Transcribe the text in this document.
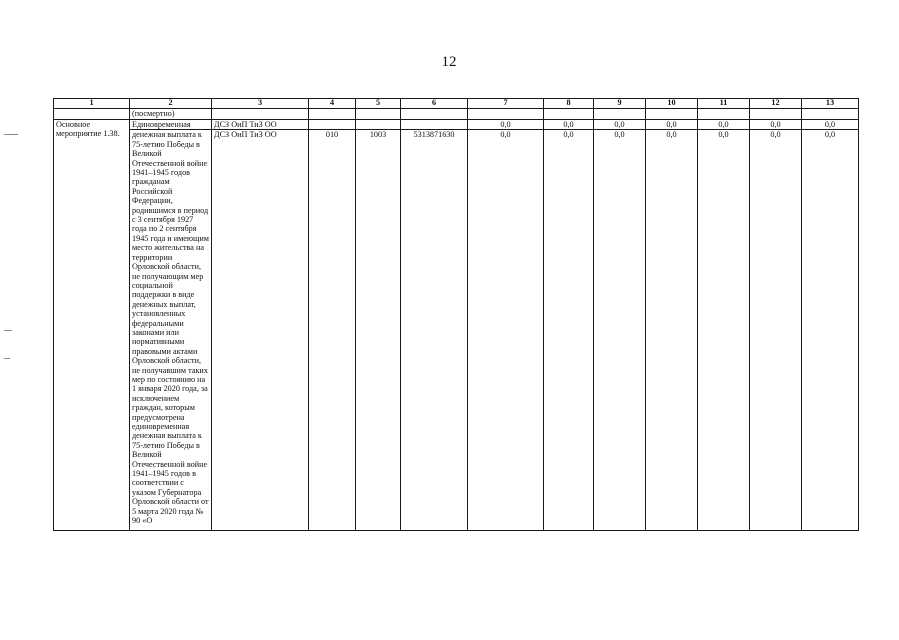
12
1	2	3	4	5	6	7	8	9	10	11	12	13
	(посмертно)											
Основное мероприятие 1.38.	Единовременная	ДСЗ ОиП ТиЗ ОО				0,0	0,0	0,0	0,0	0,0	0,0	0,0
	денежная выплата к 75-летию Победы в Великой Отечественной войне 1941–1945 годов гражданам Российской Федерации, родившимся в период с 3 сентября 1927 года по 2 сентября 1945 года и имеющим место жительства на территории Орловской области, не получающим мер социальной поддержки в виде денежных выплат, установленных федеральными законами или нормативными правовыми актами Орловской области, не получавшим таких мер по состоянию на 1 января 2020 года, за исключением граждан, которым предусмотрена единовременная денежная выплата к 75-летию Победы в Великой Отечественной войне 1941–1945 годов в соответствии с указом Губернатора Орловской области от 5 марта 2020 года № 90 «О	ДСЗ ОиП ТиЗ ОО	010	1003	5313871630	0,0	0,0	0,0	0,0	0,0	0,0	0,0
